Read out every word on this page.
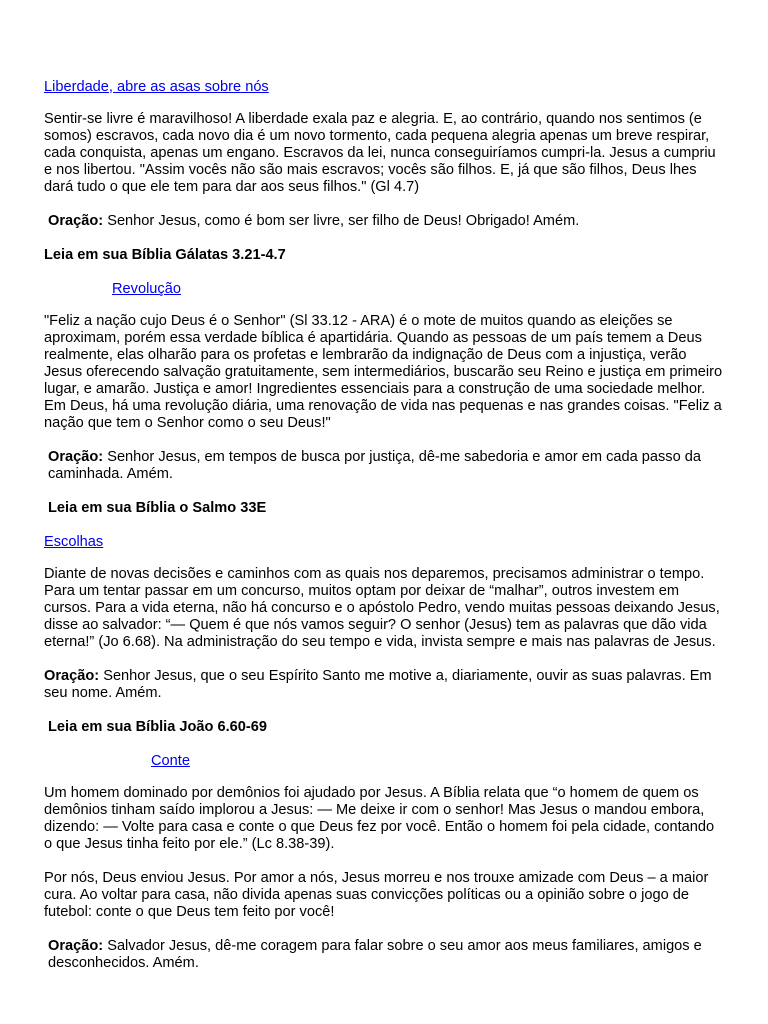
Liberdade, abre as asas sobre nós

Sentir-se livre é maravilhoso! A liberdade exala paz e alegria. E, ao contrário, quando nos sentimos (e somos) escravos, cada novo dia é um novo tormento, cada pequena alegria apenas um breve respirar, cada conquista, apenas um engano. Escravos da lei, nunca conseguiríamos cumpri-la. Jesus a cumpriu e nos libertou. "Assim vocês não são mais escravos; vocês são filhos. E, já que são filhos, Deus lhes dará tudo o que ele tem para dar aos seus filhos." (Gl 4.7)

Oração: Senhor Jesus, como é bom ser livre, ser filho de Deus! Obrigado! Amém.

Leia em sua Bíblia Gálatas 3.21-4.7

Revolução

"Feliz a nação cujo Deus é o Senhor" (Sl 33.12 - ARA) é o mote de muitos quando as eleições se aproximam, porém essa verdade bíblica é apartidária. Quando as pessoas de um país temem a Deus realmente, elas olharão para os profetas e lembrarão da indignação de Deus com a injustiça, verão Jesus oferecendo salvação gratuitamente, sem intermediários, buscarão seu Reino e justiça em primeiro lugar, e amarão. Justiça e amor! Ingredientes essenciais para a construção de uma sociedade melhor. Em Deus, há uma revolução diária, uma renovação de vida nas pequenas e nas grandes coisas. "Feliz a nação que tem o Senhor como o seu Deus!"

Oração: Senhor Jesus, em tempos de busca por justiça, dê-me sabedoria e amor em cada passo da caminhada. Amém.

Leia em sua Bíblia o Salmo 33E

Escolhas

Diante de novas decisões e caminhos com as quais nos deparemos, precisamos administrar o tempo. Para um tentar passar em um concurso, muitos optam por deixar de “malhar”, outros investem em cursos. Para a vida eterna, não há concurso e o apóstolo Pedro, vendo muitas pessoas deixando Jesus, disse ao salvador: “— Quem é que nós vamos seguir? O senhor (Jesus) tem as palavras que dão vida eterna!” (Jo 6.68). Na administração do seu tempo e vida, invista sempre e mais nas palavras de Jesus.

Oração: Senhor Jesus, que o seu Espírito Santo me motive a, diariamente, ouvir as suas palavras. Em seu nome. Amém.

Leia em sua Bíblia João 6.60-69

Conte

Um homem dominado por demônios foi ajudado por Jesus. A Bíblia relata que “o homem de quem os demônios tinham saído implorou a Jesus: — Me deixe ir com o senhor! Mas Jesus o mandou embora, dizendo: — Volte para casa e conte o que Deus fez por você. Então o homem foi pela cidade, contando o que Jesus tinha feito por ele.” (Lc 8.38-39).

Por nós, Deus enviou Jesus. Por amor a nós, Jesus morreu e nos trouxe amizade com Deus – a maior cura. Ao voltar para casa, não divida apenas suas convicções políticas ou a opinião sobre o jogo de futebol: conte o que Deus tem feito por você!

Oração: Salvador Jesus, dê-me coragem para falar sobre o seu amor aos meus familiares, amigos e desconhecidos. Amém.
